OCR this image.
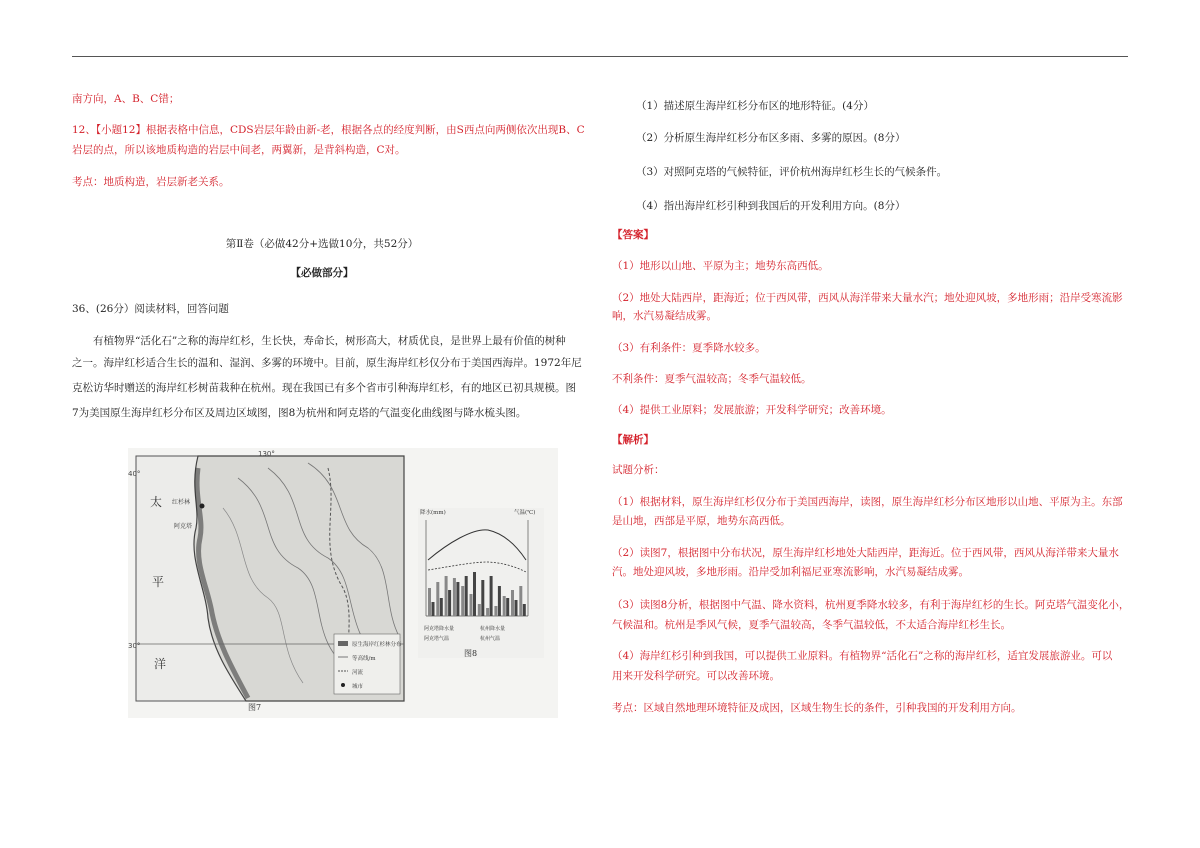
南方向，A、B、C错；

12、【小题12】根据表格中信息，CDS岩层年龄由新-老，根据各点的经度判断，由S西点向两侧依次出现B、C

岩层的点，所以该地质构造的岩层中间老，两翼新，是背斜构造，C对。

考点：地质构造，岩层新老关系。

第Ⅱ卷（必做42分+选做10分，共52分）

【必做部分】

36、(26分）阅读材料，回答问题

有植物界“活化石”之称的海岸红杉，生长快，寿命长，树形高大，材质优良，是世界上最有价值的树种

之一。海岸红杉适合生长的温和、湿润、多雾的环境中。目前，原生海岸红杉仅分布于美国西海岸。1972年尼

克松访华时赠送的海岸红杉树苗栽种在杭州。现在我国已有多个省市引种海岸红杉，有的地区已初具规模。图

7为美国原生海岸红杉分布区及周边区域图，图8为杭州和阿克塔的气温变化曲线图与降水梳头图。

130°
40°
30°
太
平
洋
红杉林
阿克塔
原生海岸红杉林分布
等高线/m
河流
城市
图7
降水(mm)	气温(℃)
阿克塔降水量	杭州降水量
阿克塔气温	杭州气温
图8

（1）描述原生海岸红杉分布区的地形特征。(4分）

（2）分析原生海岸红杉分布区多雨、多雾的原因。(8分）

（3）对照阿克塔的气候特征，评价杭州海岸红杉生长的气候条件。

（4）指出海岸红杉引种到我国后的开发利用方向。(8分）

【答案】

（1）地形以山地、平原为主；地势东高西低。

（2）地处大陆西岸，距海近；位于西风带，西风从海洋带来大量水汽；地处迎风坡，多地形雨；沿岸受寒流影

响，水汽易凝结成雾。

（3）有利条件：夏季降水较多。

不利条件：夏季气温较高；冬季气温较低。

（4）提供工业原料；发展旅游；开发科学研究；改善环境。

【解析】

试题分析：

（1）根据材料，原生海岸红杉仅分布于美国西海岸，读图，原生海岸红杉分布区地形以山地、平原为主。东部

是山地，西部是平原，地势东高西低。

（2）读图7，根据图中分布状况，原生海岸红杉地处大陆西岸，距海近。位于西风带，西风从海洋带来大量水

汽。地处迎风坡，多地形雨。沿岸受加利福尼亚寒流影响，水汽易凝结成雾。

（3）读图8分析，根据图中气温、降水资料，杭州夏季降水较多，有利于海岸红杉的生长。阿克塔气温变化小，

气候温和。杭州是季风气候，夏季气温较高，冬季气温较低，不太适合海岸红杉生长。

（4）海岸红杉引种到我国，可以提供工业原料。有植物界“活化石”之称的海岸红杉，适宜发展旅游业。可以

用来开发科学研究。可以改善环境。

考点：区域自然地理环境特征及成因，区域生物生长的条件，引种我国的开发利用方向。
